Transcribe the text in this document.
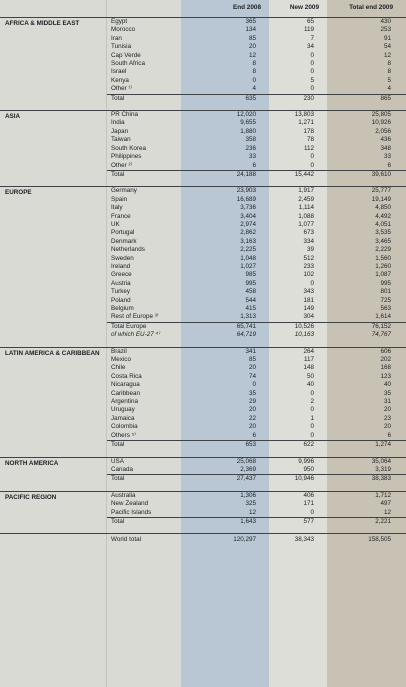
		End 2008	New 2009	Total end 2009
AFRICA & MIDDLE EAST	Egypt	365	65	430
	Morocco	134	119	253
	Iran	85	7	91
	Tunisia	20	34	54
	Cap Verde	12	0	12
	South Africa	8	0	8
	Israel	8	0	8
	Kenya	0	5	5
	Other ¹⁾	4	0	4
	Total	635	230	865

ASIA	PR China	12,020	13,803	25,805
	India	9,655	1,271	10,926
	Japan	1,880	178	2,056
	Taiwan	358	78	436
	South Korea	236	112	348
	Philippines	33	0	33
	Other ²⁾	6	0	6
	Total	24,188	15,442	39,610

EUROPE	Germany	23,903	1,917	25,777
	Spain	16,689	2,459	19,149
	Italy	3,736	1,114	4,850
	France	3,404	1,088	4,492
	UK	2,974	1,077	4,051
	Portugal	2,862	673	3,535
	Denmark	3,163	334	3,465
	Netherlands	2,225	39	2,229
	Sweden	1,048	512	1,560
	Ireland	1,027	233	1,260
	Greece	985	102	1,087
	Austria	995	0	995
	Turkey	458	343	801
	Poland	544	181	725
	Belgium	415	149	563
	Rest of Europe ³⁾	1,313	304	1,614
	Total Europe	65,741	10,526	76,152
	of which EU-27 ⁴⁾	64,719	10,163	74,767

LATIN AMERICA & CARIBBEAN	Brazil	341	264	606
	Mexico	85	117	202
	Chile	20	148	168
	Costa Rica	74	50	123
	Nicaragua	0	40	40
	Caribbean	35	0	35
	Argentina	29	2	31
	Uruguay	20	0	20
	Jamaica	22	1	23
	Colombia	20	0	20
	Others ⁵⁾	6	0	6
	Total	653	622	1,274

NORTH AMERICA	USA	25,068	9,996	35,064
	Canada	2,369	950	3,319
	Total	27,437	10,946	38,383

PACIFIC REGION	Australia	1,306	406	1,712
	New Zealand	325	171	497
	Pacific Islands	12	0	12
	Total	1,643	577	2,221

	World total	120,297	38,343	158,505
